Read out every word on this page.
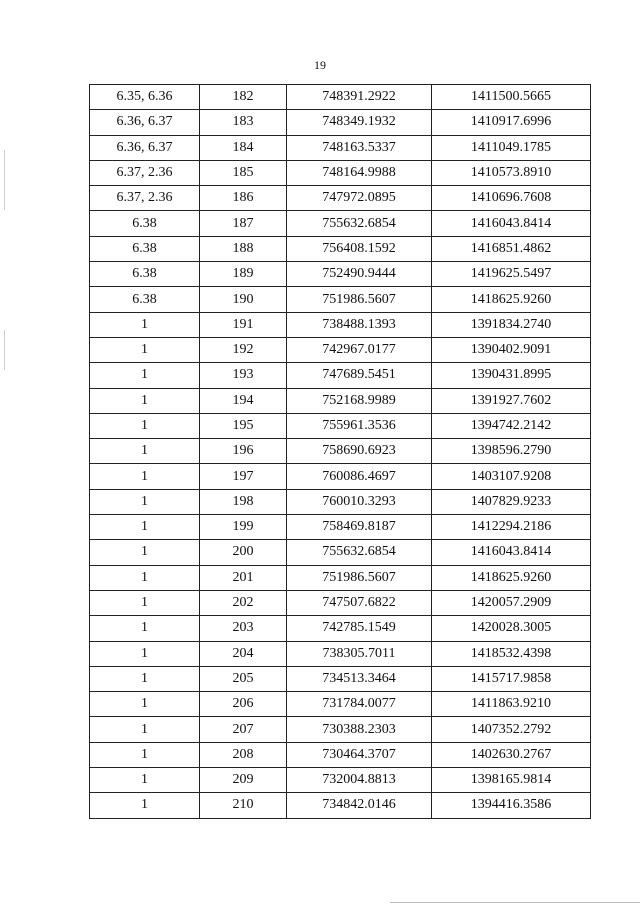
19
6.35, 6.36	182	748391.2922	1411500.5665
6.36, 6.37	183	748349.1932	1410917.6996
6.36, 6.37	184	748163.5337	1411049.1785
6.37, 2.36	185	748164.9988	1410573.8910
6.37, 2.36	186	747972.0895	1410696.7608
6.38	187	755632.6854	1416043.8414
6.38	188	756408.1592	1416851.4862
6.38	189	752490.9444	1419625.5497
6.38	190	751986.5607	1418625.9260
1	191	738488.1393	1391834.2740
1	192	742967.0177	1390402.9091
1	193	747689.5451	1390431.8995
1	194	752168.9989	1391927.7602
1	195	755961.3536	1394742.2142
1	196	758690.6923	1398596.2790
1	197	760086.4697	1403107.9208
1	198	760010.3293	1407829.9233
1	199	758469.8187	1412294.2186
1	200	755632.6854	1416043.8414
1	201	751986.5607	1418625.9260
1	202	747507.6822	1420057.2909
1	203	742785.1549	1420028.3005
1	204	738305.7011	1418532.4398
1	205	734513.3464	1415717.9858
1	206	731784.0077	1411863.9210
1	207	730388.2303	1407352.2792
1	208	730464.3707	1402630.2767
1	209	732004.8813	1398165.9814
1	210	734842.0146	1394416.3586
